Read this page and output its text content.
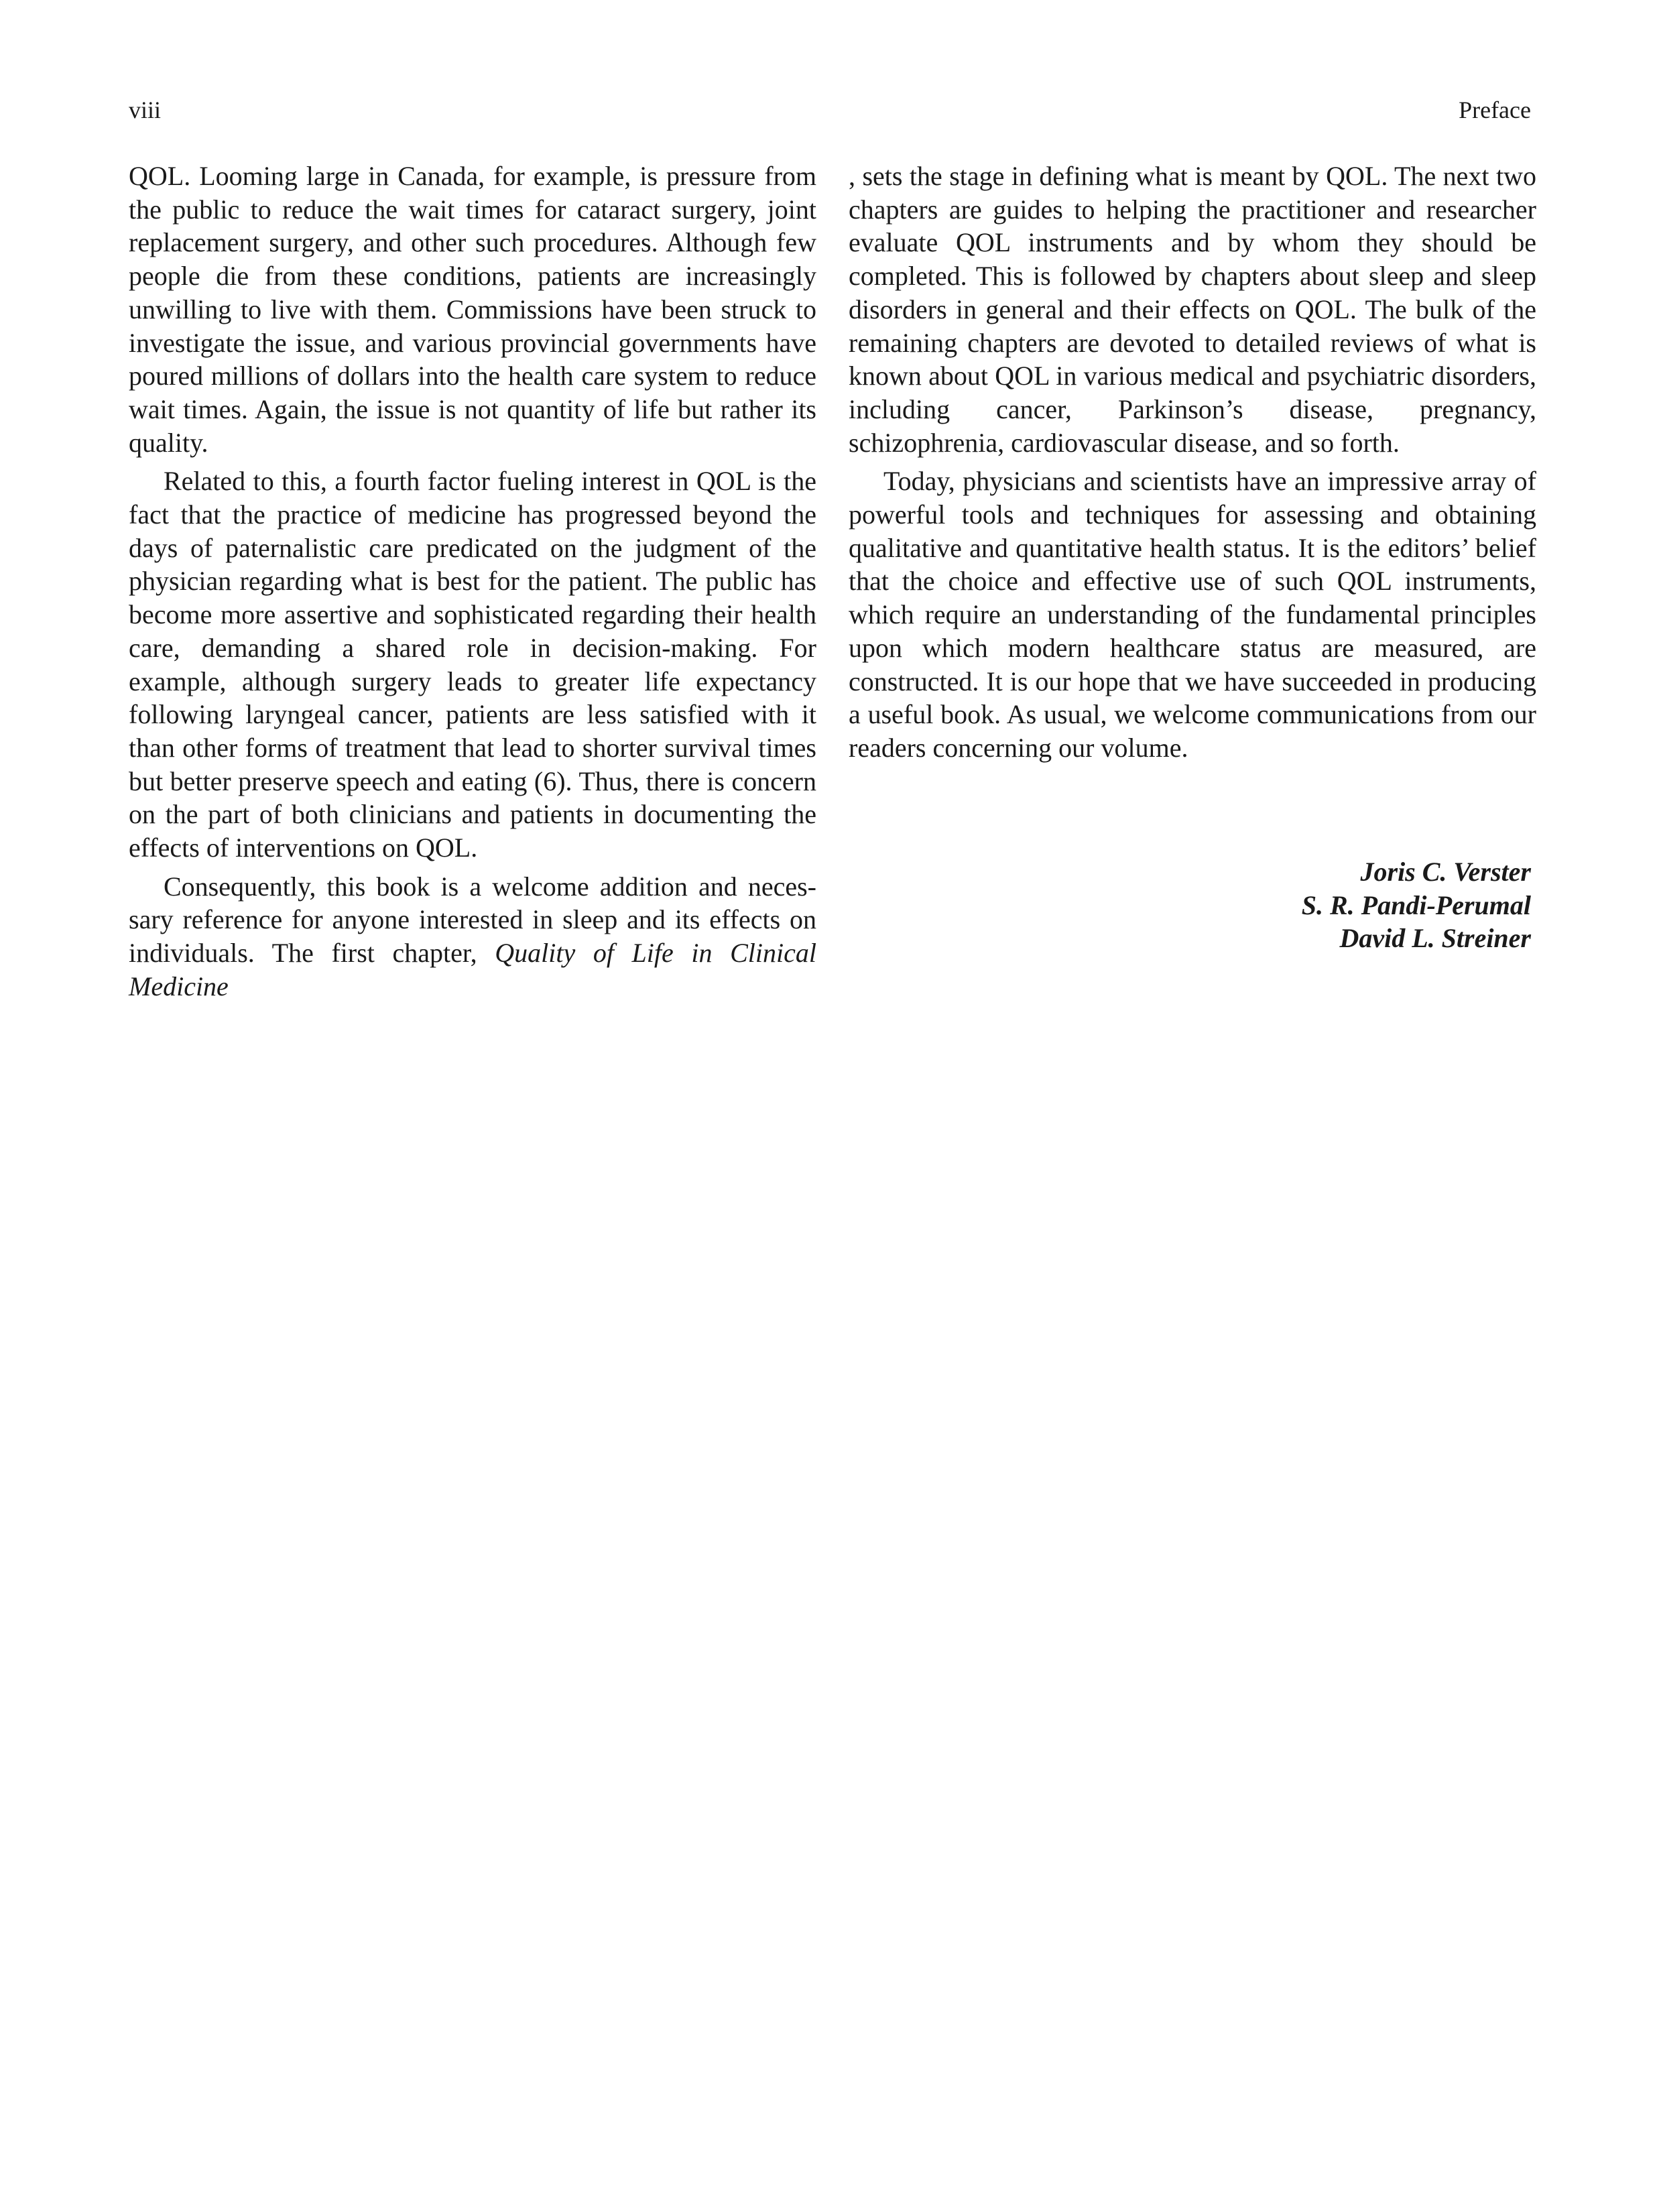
viii	Preface

QOL. Looming large in Canada, for example, is pressure from the public to reduce the wait times for cataract surgery, joint replacement surgery, and other such procedures. Although few people die from these conditions, patients are increasingly unwilling to live with them. Commissions have been struck to investigate the issue, and various provincial governments have poured millions of dollars into the health care system to reduce wait times. Again, the issue is not quantity of life but rather its quality.

Related to this, a fourth factor fueling interest in QOL is the fact that the practice of medicine has progressed beyond the days of paternalistic care predicated on the judgment of the physician regarding what is best for the patient. The public has become more assertive and sophisticated regarding their health care, demanding a shared role in decision-making. For example, although surgery leads to greater life expectancy following laryngeal cancer, patients are less satisfied with it than other forms of treatment that lead to shorter survival times but better preserve speech and eating (6). Thus, there is concern on the part of both clinicians and patients in documenting the effects of interventions on QOL.

Consequently, this book is a welcome addition and necessary reference for anyone interested in sleep and its effects on individuals. The first chapter, Quality of Life in Clinical Medicine

, sets the stage in defining what is meant by QOL. The next two chapters are guides to helping the practitioner and researcher evaluate QOL instruments and by whom they should be completed. This is followed by chapters about sleep and sleep disorders in general and their effects on QOL. The bulk of the remaining chapters are devoted to detailed reviews of what is known about QOL in various medical and psychiatric disorders, including cancer, Parkinson’s disease, pregnancy, schizophrenia, cardiovascular disease, and so forth.

Today, physicians and scientists have an impressive array of powerful tools and techniques for assessing and obtaining qualitative and quantitative health status. It is the editors’ belief that the choice and effective use of such QOL instruments, which require an understanding of the fundamental principles upon which modern healthcare status are measured, are constructed. It is our hope that we have succeeded in producing a useful book. As usual, we welcome communications from our readers concerning our volume.

Joris C. Verster
S. R. Pandi-Perumal
David L. Streiner
